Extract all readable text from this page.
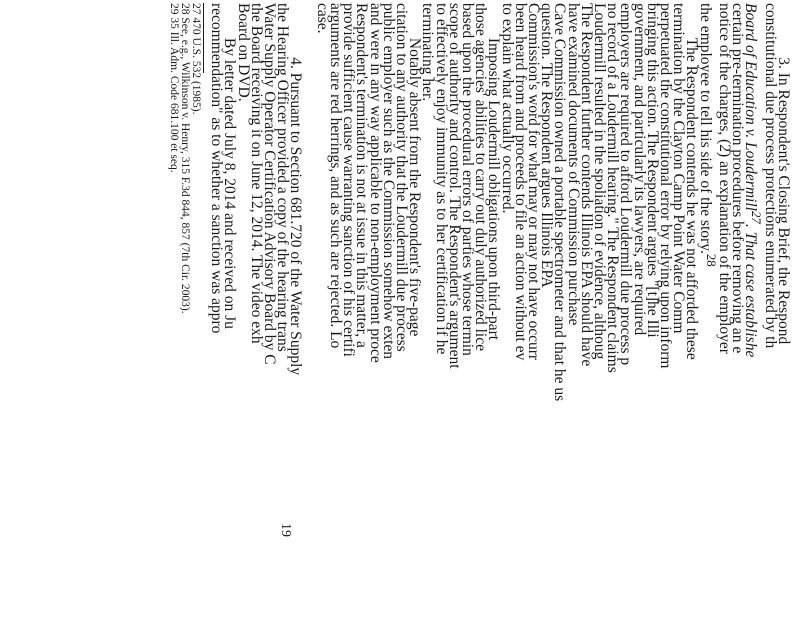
3. In Respondent's Closing Brief, the Respond
constitutional due process protections enumerated by th
Board of Education v. Loudermill$^{27}$. That case establishe
certain pre-termination procedures before removing an e
notice of the charges, (2) an explanation of the employer
the employee to tell his side of the story.$^{28}$

The Respondent contends he was not afforded these
termination by the Clayton Camp Point Water Comm
perpetuated the constitutional error by relying upon inform
bringing this action. The Respondent argues "[t]he Illi
government, and particularly its lawyers, are required
employers are required to afford Loudermill due process p
no record of a Loudermill hearing." The Respondent claims
Loudermill resulted in the spoliation of evidence, althoug
The Respondent further contends Illinois EPA should have
have examined documents of Commission purchase
Cave Commission owned a portable spectrometer and that he us
question. The Respondent argues Illinois EPA
Commission's word for what may or may not have occurr
been heard from and proceeds to file an action without ev
to explain what actually occurred.

Imposing Loudermill obligations upon third-part
those agencies' abilities to carry out duly authorized lice
based upon the procedural errors of parties whose termin
scope of authority and control. The Respondent's argument
to effectively enjoy immunity as to her certification if he
terminating her.

Notably absent from the Respondent's five-page
citation to any authority that the Loudermill due process
public employer such as the Commission somehow exten
and were in any way applicable to non-employment proce
Respondent's termination is not at issue in this matter, a
provide sufficient cause warranting sanction of his certifi
arguments are red herrings, and as such are rejected. Lo
case.

4. Pursuant to Section 681.720 of the Water Supply
the Hearing Officer provided a copy of the hearing trans
Water Supply Operator Certification Advisory Board by C
the Board receiving it on June 12, 2014. The video exh
Board on DVD.

By letter dated July 8, 2014 and received on Ju
recommendation" as to whether a sanction was appro

27 470 U.S. 532 (1985).

28 See, e.g., Wilkinson v. Henry, 315 F.3d 844, 857 (7th Cir. 2003).

29 35 Ill. Adm. Code 681.100 et seq.

19
